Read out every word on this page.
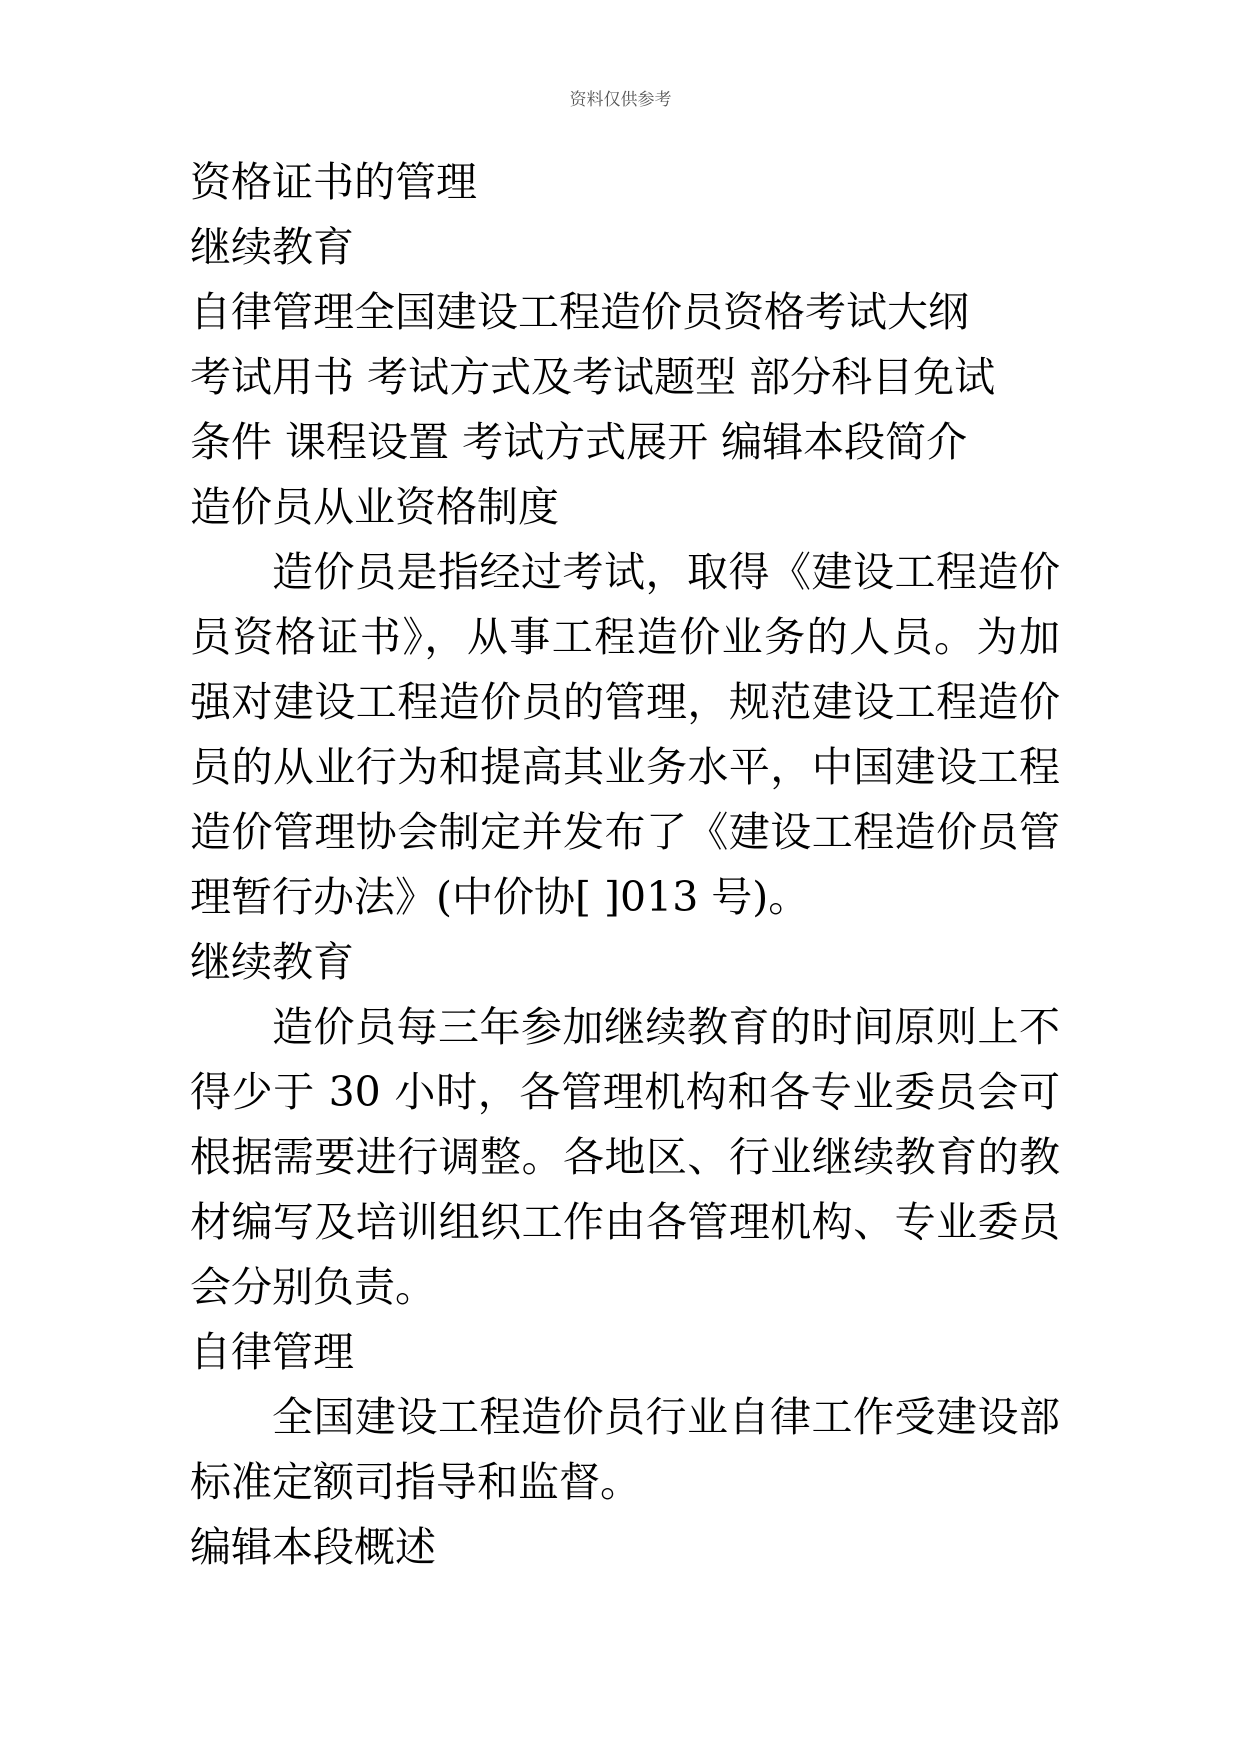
资料仅供参考

资格证书的管理

继续教育

自律管理全国建设工程造价员资格考试大纲

考试用书 考试方式及考试题型 部分科目免试

条件 课程设置 考试方式展开 编辑本段简介

造价员从业资格制度

造价员是指经过考试，取得《建设工程造价员资格证书》，从事工程造价业务的人员。为加强对建设工程造价员的管理，规范建设工程造价员的从业行为和提高其业务水平，中国建设工程造价管理协会制定并发布了《建设工程造价员管理暂行办法》(中价协[ ]013 号)。

继续教育

造价员每三年参加继续教育的时间原则上不得少于 30 小时，各管理机构和各专业委员会可根据需要进行调整。各地区、行业继续教育的教材编写及培训组织工作由各管理机构、专业委员会分别负责。

自律管理

全国建设工程造价员行业自律工作受建设部标准定额司指导和监督。

编辑本段概述
